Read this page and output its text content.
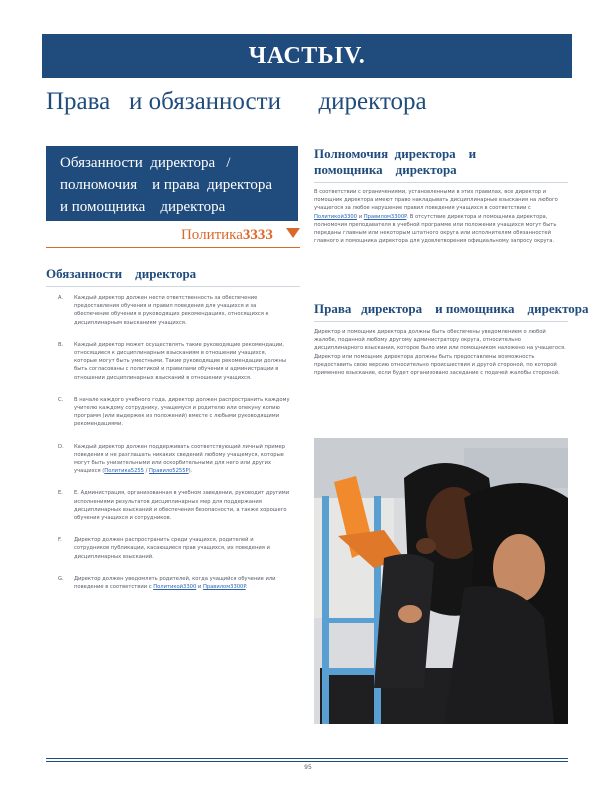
ЧАСТЬIV.
Права   и обязанности      директора
Обязанности  директора   /
полномочия    и права  директора
и помощника    директора
Политика3333
Обязанности    директора
A.	Каждый директор должен нести ответственность за обеспечение предоставления обучения и правил поведения для учащихся и за обеспечение обучения в руководящих рекомендациях, относящихся к дисциплинарным взысканиям учащихся.
B.	Каждый директор может осуществлять такие руководящие рекомендации, относящиеся к дисциплинарным взысканиям в отношении учащихся, которые могут быть уместными. Такие руководящие рекомендации должны быть согласованы с политикой и правилами обучения и администрации в отношении дисциплинарных взысканий в отношении учащихся.
C.	В начале каждого учебного года, директор должен распространить каждому учителю каждому сотруднику, учащемуся и родителю или опекуну копию программ (или выдержек из положений) вместе с любыми руководящими рекомендациями.
D.	Каждый директор должен поддерживать соответствующий личный пример поведения и не разглашать никаких сведений любому учащемуся, которые могут быть унизительными или оскорбительными для него или других учащихся (Политика5255 / Правило5255P).
E.	E. Администрация, организованная в учебном заведении, руководит другими исполнениями результатов дисциплинарных мер для поддержания дисциплинарных взысканий и обеспечения безопасности, а также хорошего обучения учащихся и сотрудников.
F.	Директор должен распространить среди учащихся, родителей и сотрудников публикации, касающиеся прав учащихся, их поведения и дисциплинарных взысканий.
G.	Директор должен уведомлять родителей, когда учащийся обучение или поведение в соответствии с Политикой3300 и Правилом3300P.
Полномочия  директора    и
помощника    директора
В соответствии с ограничениями, установленными в этих правилах, все директор и помощник директора имеют право накладывать дисциплинарные взыскания на любого учащегося за любое нарушение правил поведения учащихся в соответствии с Политикой3300 и Правилом3300P. В отсутствие директора и помощника директора, полномочия преподавателя в учебной программе или положения учащихся могут быть переданы главным или некоторым штатного округа или исполнителям обязанностей главного и помощника директора для удовлетворения официальному запросу округа.
Права   директора    и помощника    директора
Директор и помощник директора должны быть обеспечены уведомлением о любой жалобе, поданной любому другому администратору округа, относительно дисциплинарного взыскания, которое было ими или помощником наложено на учащегося. Директор или помощник директора должны быть предоставлены возможность предоставить свою версию относительно происшествия и другой стороной, по которой применено взыскание, если будет организовано заседание с подачей жалобы стороной.
95
